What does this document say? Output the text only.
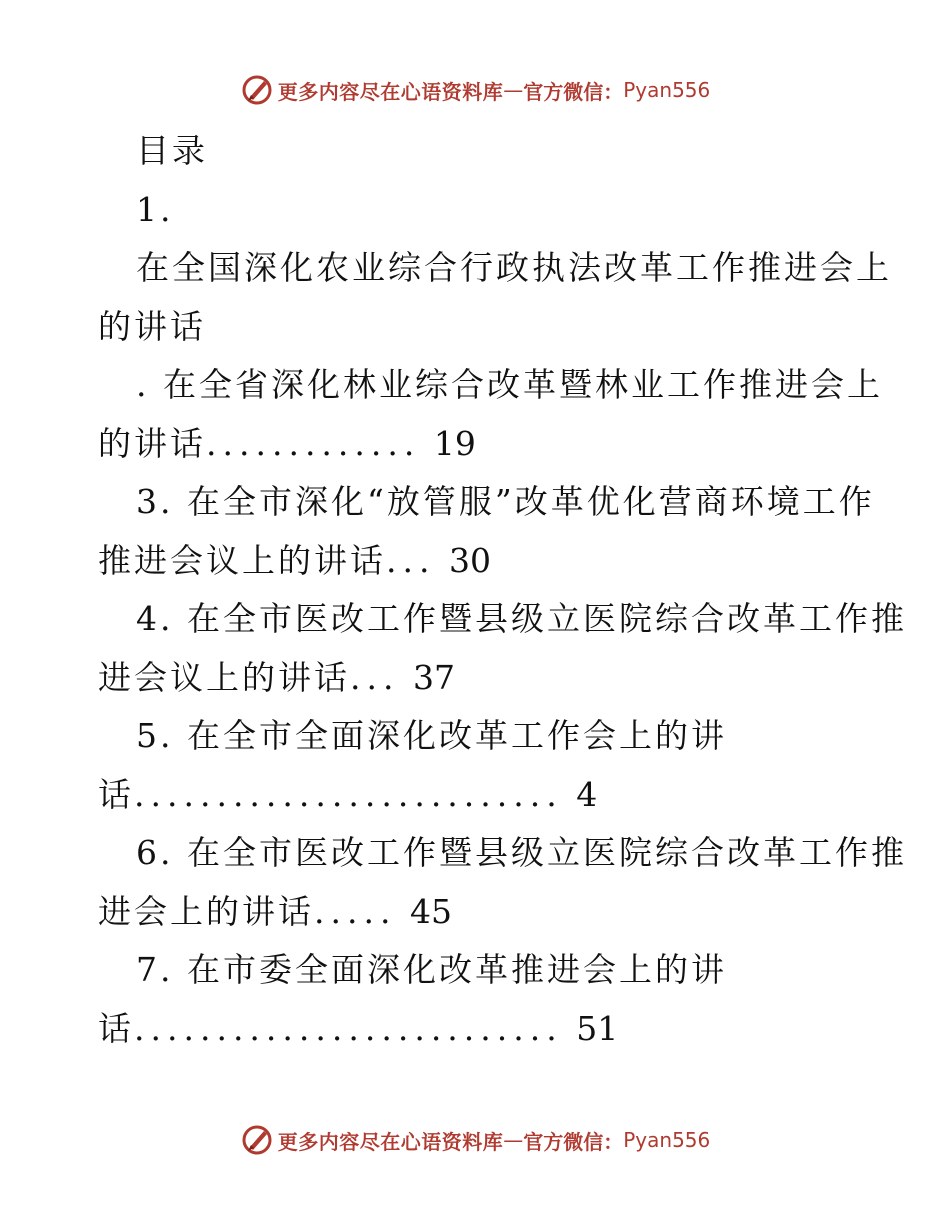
更多内容尽在心语资料库 — 官方微信： Pyan556
目录
1.
在全国深化农业综合行政执法改革工作推进会上
的讲话
. 在全省深化林业综合改革暨林业工作推进会上
的讲话............. 19
3. 在全市深化“放管服”改革优化营商环境工作
推进会议上的讲话... 30
4. 在全市医改工作暨县级立医院综合改革工作推
进会议上的讲话... 37
5. 在全市全面深化改革工作会上的讲
话.......................... 4
6. 在全市医改工作暨县级立医院综合改革工作推
进会上的讲话..... 45
7. 在市委全面深化改革推进会上的讲
话.......................... 51
更多内容尽在心语资料库 — 官方微信： Pyan556
